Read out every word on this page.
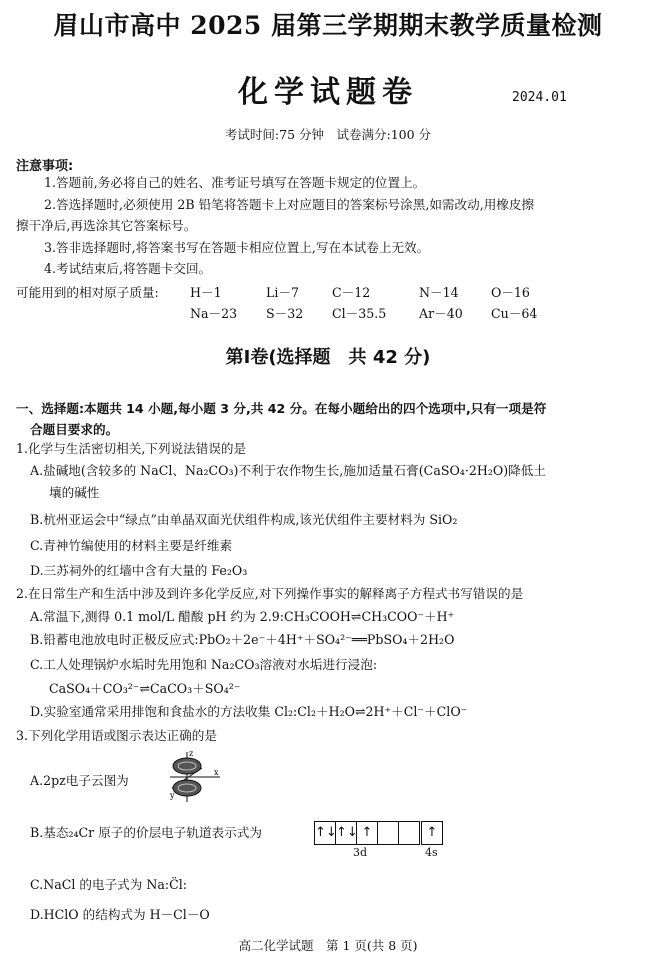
眉山市高中 2025 届第三学期期末教学质量检测
化学试题卷	2024.01
考试时间:75 分钟　试卷满分:100 分
注意事项:
1.答题前,务必将自己的姓名、准考证号填写在答题卡规定的位置上。
2.答选择题时,必须使用 2B 铅笔将答题卡上对应题目的答案标号涂黑,如需改动,用橡皮擦
擦干净后,再选涂其它答案标号。
3.答非选择题时,将答案书写在答题卡相应位置上,写在本试卷上无效。
4.考试结束后,将答题卡交回。
可能用到的相对原子质量: H－1	Li－7	C－12	N－14	O－16
Na－23 S－32 Cl－35.5	Ar－40 Cu－64
第Ⅰ卷(选择题　共 42 分)
一、选择题:本题共 14 小题,每小题 3 分,共 42 分。在每小题给出的四个选项中,只有一项是符
合题目要求的。
1.化学与生活密切相关,下列说法错误的是
A.盐碱地(含较多的 NaCl、Na₂CO₃)不利于农作物生长,施加适量石膏(CaSO₄·2H₂O)降低土
壤的碱性
B.杭州亚运会中“绿点”由单晶双面光伏组件构成,该光伏组件主要材料为 SiO₂
C.青神竹编使用的材料主要是纤维素
D.三苏祠外的红墙中含有大量的 Fe₂O₃
2.在日常生产和生活中涉及到许多化学反应,对下列操作事实的解释离子方程式书写错误的是
A.常温下,测得 0.1 mol/L 醋酸 pH 约为 2.9:CH₃COOH⇌CH₃COO⁻＋H⁺
B.铅蓄电池放电时正极反应式:PbO₂＋2e⁻＋4H⁺＋SO₄²⁻══PbSO₄＋2H₂O
C.工人处理锅炉水垢时先用饱和 Na₂CO₃溶液对水垢进行浸泡:
CaSO₄＋CO₃²⁻⇌CaCO₃＋SO₄²⁻
D.实验室通常采用排饱和食盐水的方法收集 Cl₂:Cl₂＋H₂O⇌2H⁺＋Cl⁻＋ClO⁻
3.下列化学用语或图示表达正确的是
A.2pz电子云图为
z
x
y
B.基态₂₄Cr 原子的价层电子轨道表示式为	↑↓ ↑↓ ↑	↑
3d	4s
C.NaCl 的电子式为 Na:C̈l:
D.HClO 的结构式为 H－Cl－O
高二化学试题　第 1 页(共 8 页)
